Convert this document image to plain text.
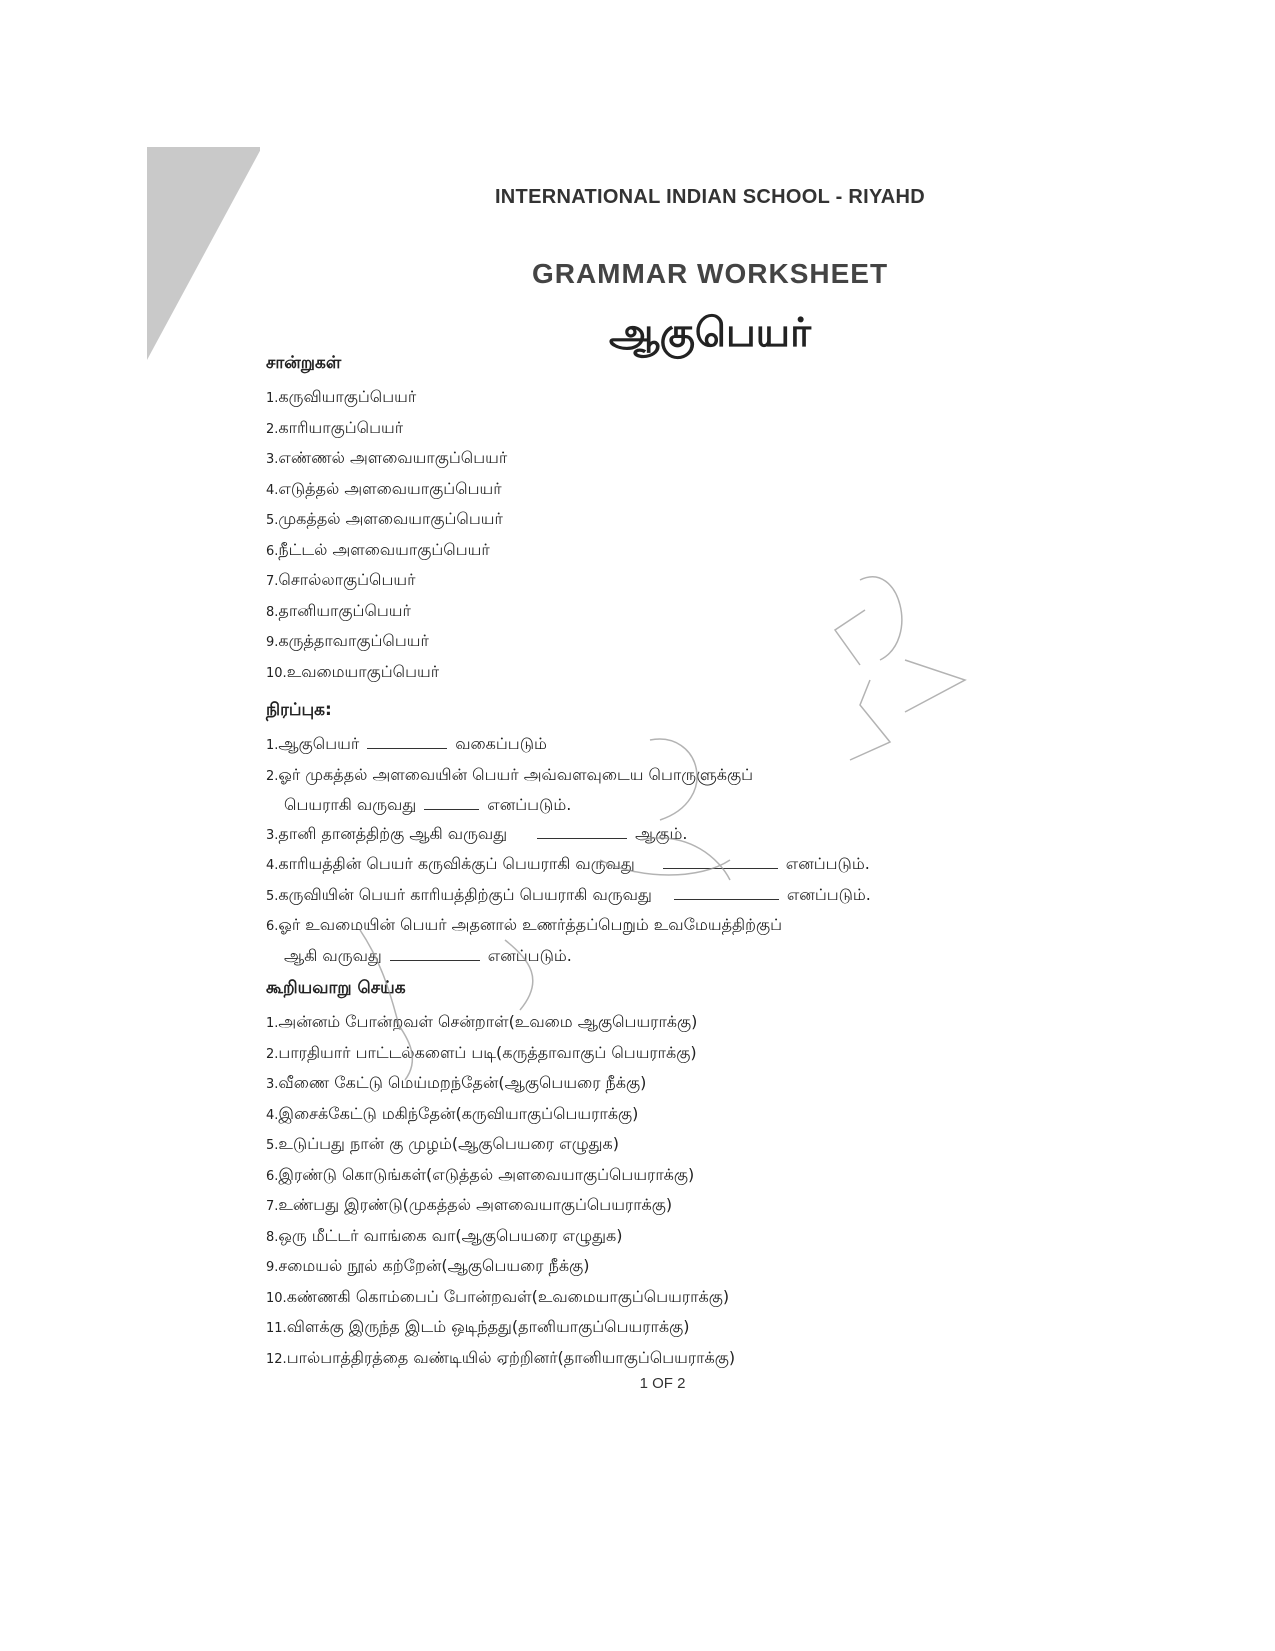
INTERNATIONAL INDIAN SCHOOL - RIYAHD
GRAMMAR WORKSHEET
ஆகுபெயர்
சான்றுகள்
1.கருவியாகுப்பெயர்
2.காரியாகுப்பெயர்
3.எண்ணல் அளவையாகுப்பெயர்
4.எடுத்தல் அளவையாகுப்பெயர்
5.முகத்தல் அளவையாகுப்பெயர்
6.நீட்டல் அளவையாகுப்பெயர்
7.சொல்லாகுப்பெயர்
8.தானியாகுப்பெயர்
9.கருத்தாவாகுப்பெயர்
10.உவமையாகுப்பெயர்
நிரப்புக:
1.ஆகுபெயர்	வகைப்படும்
2.ஓர் முகத்தல் அளவையின் பெயர் அவ்வளவுடைய பொருளுக்குப்
பெயராகி வருவது	எனப்படும்.
3.தானி தானத்திற்கு ஆகி வருவது	ஆகும்.
4.காரியத்தின் பெயர் கருவிக்குப் பெயராகி வருவது	எனப்படும்.
5.கருவியின் பெயர் காரியத்திற்குப் பெயராகி வருவது	எனப்படும்.
6.ஓர் உவமையின் பெயர் அதனால் உணர்த்தப்பெறும் உவமேயத்திற்குப்
ஆகி வருவது	எனப்படும்.
கூறியவாறு செய்க
1.அன்னம் போன்றவள் சென்றாள்(உவமை ஆகுபெயராக்கு)
2.பாரதியார் பாட்டல்களைப் படி(கருத்தாவாகுப் பெயராக்கு)
3.வீணை கேட்டு மெய்மறந்தேன்(ஆகுபெயரை நீக்கு)
4.இசைக்கேட்டு மகிந்தேன்(கருவியாகுப்பெயராக்கு)
5.உடுப்பது நான் கு முழம்(ஆகுபெயரை எழுதுக)
6.இரண்டு கொடுங்கள்(எடுத்தல் அளவையாகுப்பெயராக்கு)
7.உண்பது இரண்டு(முகத்தல் அளவையாகுப்பெயராக்கு)
8.ஒரு மீட்டர் வாங்கை வா(ஆகுபெயரை எழுதுக)
9.சமையல் நூல் கற்றேன்(ஆகுபெயரை நீக்கு)
10.கண்ணகி கொம்பைப் போன்றவள்(உவமையாகுப்பெயராக்கு)
11.விளக்கு இருந்த இடம் ஒடிந்தது(தானியாகுப்பெயராக்கு)
12.பால்பாத்திரத்தை வண்டியில் ஏற்றினர்(தானியாகுப்பெயராக்கு)
1 OF 2
